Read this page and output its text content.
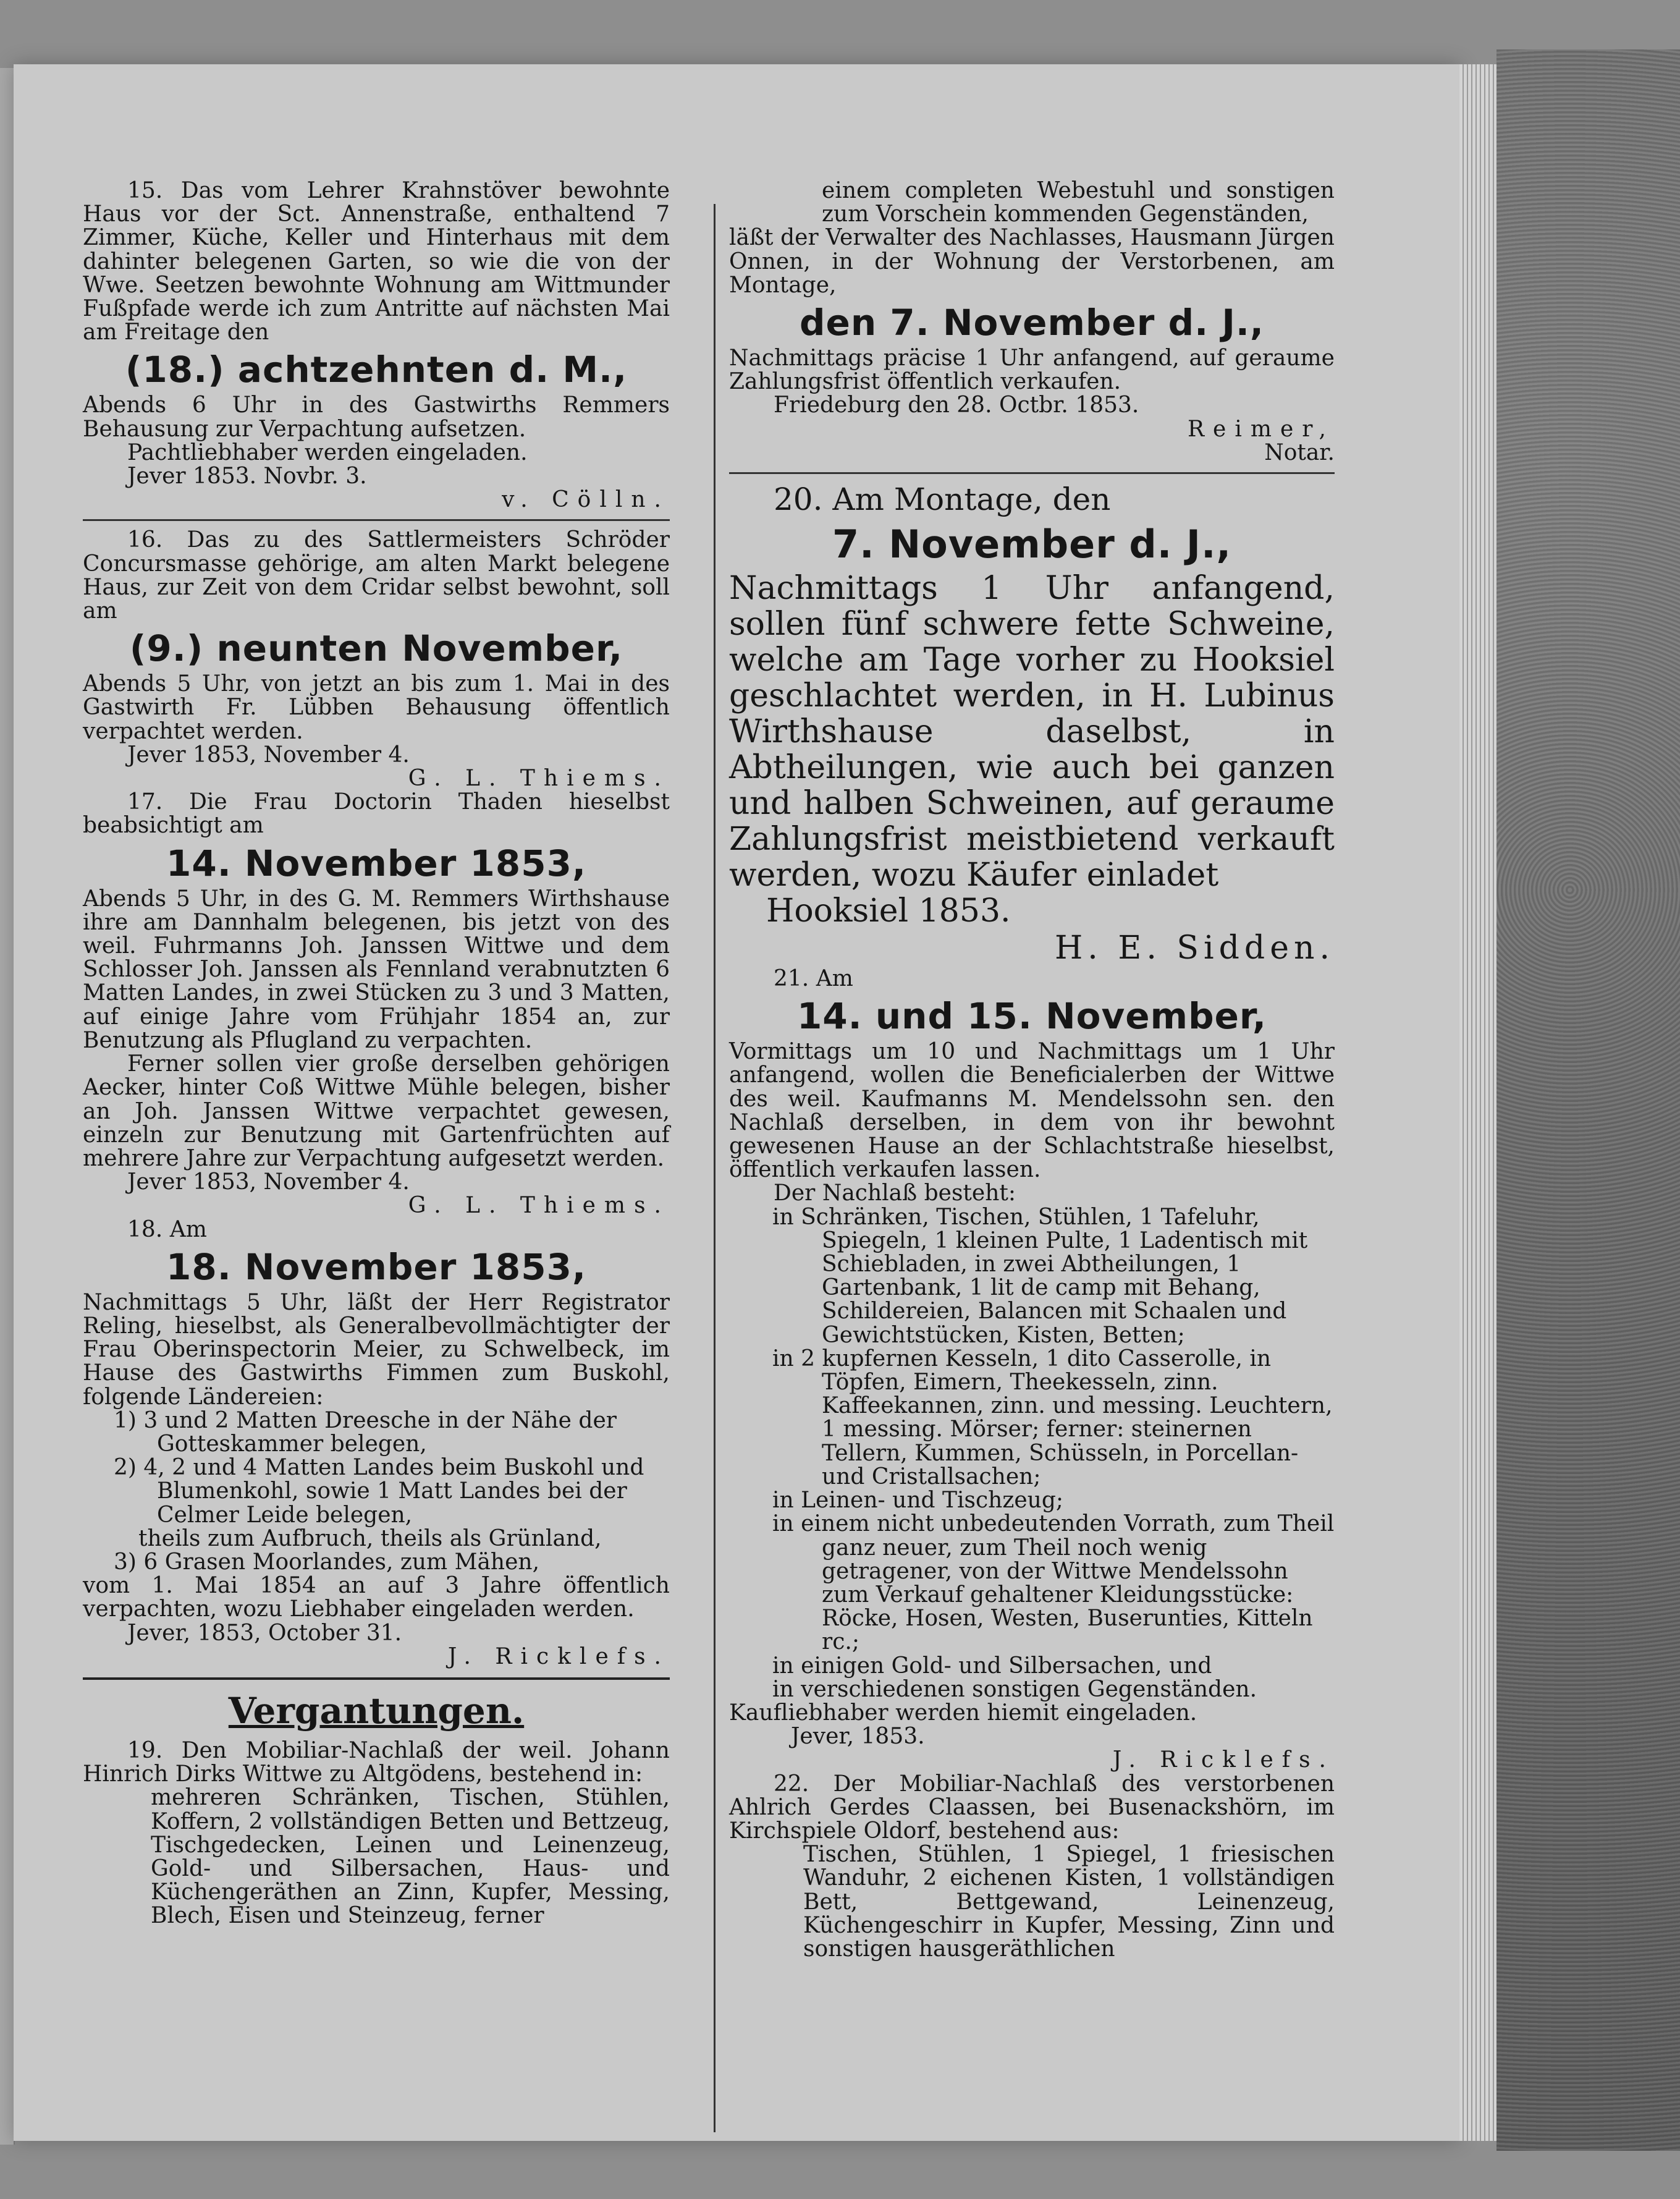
15. Das vom Lehrer Krahnstöver bewohnte Haus vor der Sct. Annenstraße, enthaltend 7 Zimmer, Küche, Keller und Hinterhaus mit dem dahinter belegenen Garten, so wie die von der Wwe. Seetzen bewohnte Wohnung am Wittmunder Fußpfade werde ich zum Antritte auf nächsten Mai am Freitage den

(18.) achtzehnten d. M.,

Abends 6 Uhr in des Gastwirths Remmers Behausung zur Verpachtung aufsetzen.

Pachtliebhaber werden eingeladen.

Jever 1853. Novbr. 3.

v. Cölln.

16. Das zu des Sattlermeisters Schröder Concursmasse gehörige, am alten Markt belegene Haus, zur Zeit von dem Cridar selbst bewohnt, soll am

(9.) neunten November,

Abends 5 Uhr, von jetzt an bis zum 1. Mai in des Gastwirth Fr. Lübben Behausung öffentlich verpachtet werden.

Jever 1853, November 4.

G. L. Thiems.

17. Die Frau Doctorin Thaden hieselbst beabsichtigt am

14. November 1853,

Abends 5 Uhr, in des G. M. Remmers Wirthshause ihre am Dannhalm belegenen, bis jetzt von des weil. Fuhrmanns Joh. Janssen Wittwe und dem Schlosser Joh. Janssen als Fennland verabnutzten 6 Matten Landes, in zwei Stücken zu 3 und 3 Matten, auf einige Jahre vom Frühjahr 1854 an, zur Benutzung als Pflugland zu verpachten.

Ferner sollen vier große derselben gehörigen Aecker, hinter Coß Wittwe Mühle belegen, bisher an Joh. Janssen Wittwe verpachtet gewesen, einzeln zur Benutzung mit Gartenfrüchten auf mehrere Jahre zur Verpachtung aufgesetzt werden.

Jever 1853, November 4.

G. L. Thiems.

18. Am

18. November 1853,

Nachmittags 5 Uhr, läßt der Herr Registrator Reling, hieselbst, als Generalbevollmächtigter der Frau Oberinspectorin Meier, zu Schwelbeck, im Hause des Gastwirths Fimmen zum Buskohl, folgende Ländereien:

1) 3 und 2 Matten Dreesche in der Nähe der Gotteskammer belegen,

2) 4, 2 und 4 Matten Landes beim Buskohl und Blumenkohl, sowie 1 Matt Landes bei der Celmer Leide belegen,

theils zum Aufbruch, theils als Grünland,

3) 6 Grasen Moorlandes, zum Mähen,

vom 1. Mai 1854 an auf 3 Jahre öffentlich verpachten, wozu Liebhaber eingeladen werden.

Jever, 1853, October 31.

J. Ricklefs.

Vergantungen.

19. Den Mobiliar-Nachlaß der weil. Johann Hinrich Dirks Wittwe zu Altgödens, bestehend in:

mehreren Schränken, Tischen, Stühlen, Koffern, 2 vollständigen Betten und Bettzeug, Tischgedecken, Leinen und Leinenzeug, Gold- und Silbersachen, Haus- und Küchengeräthen an Zinn, Kupfer, Messing, Blech, Eisen und Steinzeug, ferner

einem completen Webestuhl und sonstigen zum Vorschein kommenden Gegenständen,

läßt der Verwalter des Nachlasses, Hausmann Jürgen Onnen, in der Wohnung der Verstorbenen, am Montage,

den 7. November d. J.,

Nachmittags präcise 1 Uhr anfangend, auf geraume Zahlungsfrist öffentlich verkaufen.

Friedeburg den 28. Octbr. 1853.

Reimer,

Notar.

20. Am Montage, den

7. November d. J.,

Nachmittags 1 Uhr anfangend, sollen fünf schwere fette Schweine, welche am Tage vorher zu Hooksiel geschlachtet werden, in H. Lubinus Wirthshause daselbst, in Abtheilungen, wie auch bei ganzen und halben Schweinen, auf geraume Zahlungsfrist meistbietend verkauft werden, wozu Käufer einladet

Hooksiel 1853.

H. E. Sidden.

21. Am

14. und 15. November,

Vormittags um 10 und Nachmittags um 1 Uhr anfangend, wollen die Beneficialerben der Wittwe des weil. Kaufmanns M. Mendelssohn sen. den Nachlaß derselben, in dem von ihr bewohnt gewesenen Hause an der Schlachtstraße hieselbst, öffentlich verkaufen lassen.

Der Nachlaß besteht:

in Schränken, Tischen, Stühlen, 1 Tafeluhr, Spiegeln, 1 kleinen Pulte, 1 Ladentisch mit Schiebladen, in zwei Abtheilungen, 1 Gartenbank, 1 lit de camp mit Behang, Schildereien, Balancen mit Schaalen und Gewichtstücken, Kisten, Betten;

in 2 kupfernen Kesseln, 1 dito Casserolle, in Töpfen, Eimern, Theekesseln, zinn. Kaffeekannen, zinn. und messing. Leuchtern, 1 messing. Mörser; ferner: steinernen Tellern, Kummen, Schüsseln, in Porcellan- und Cristallsachen;

in Leinen- und Tischzeug;

in einem nicht unbedeutenden Vorrath, zum Theil ganz neuer, zum Theil noch wenig getragener, von der Wittwe Mendelssohn zum Verkauf gehaltener Kleidungsstücke: Röcke, Hosen, Westen, Buserunties, Kitteln rc.;

in einigen Gold- und Silbersachen, und

in verschiedenen sonstigen Gegenständen.

Kaufliebhaber werden hiemit eingeladen.

Jever, 1853.

J. Ricklefs.

22. Der Mobiliar-Nachlaß des verstorbenen Ahlrich Gerdes Claassen, bei Busenackshörn, im Kirchspiele Oldorf, bestehend aus:

Tischen, Stühlen, 1 Spiegel, 1 friesischen Wanduhr, 2 eichenen Kisten, 1 vollständigen Bett, Bettgewand, Leinenzeug, Küchengeschirr in Kupfer, Messing, Zinn und sonstigen hausgeräthlichen
